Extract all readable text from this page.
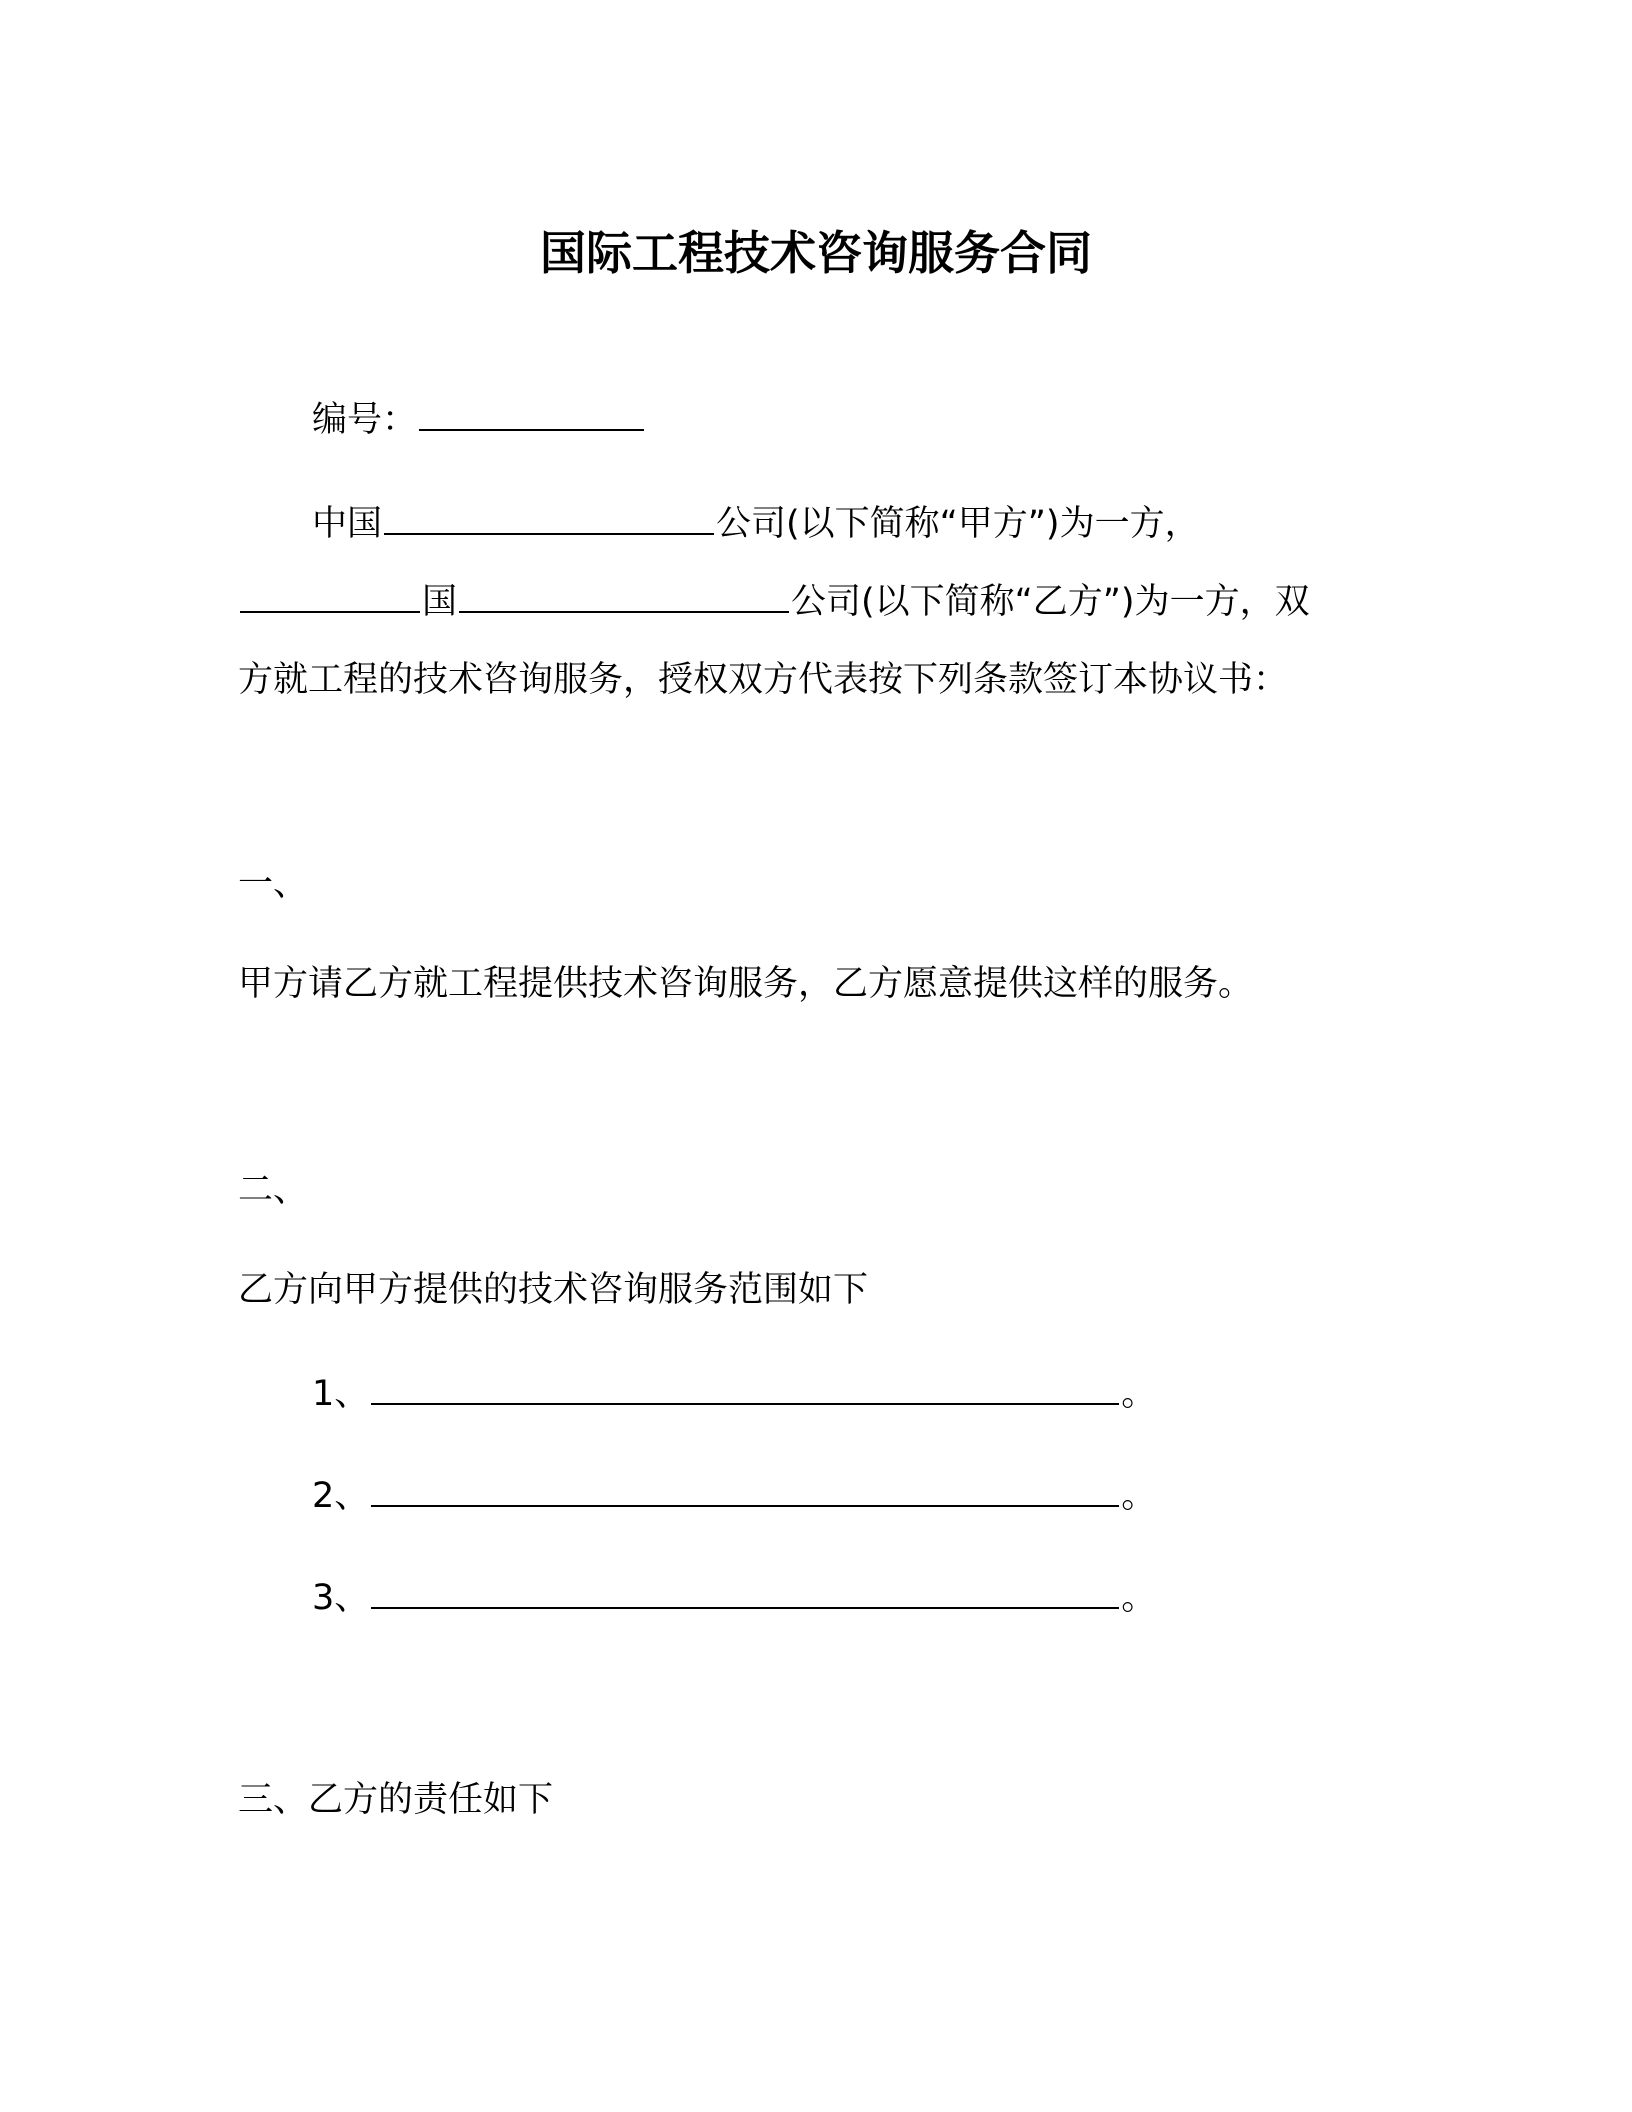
国际工程技术咨询服务合同
编号：
中国	公司(以下简称“甲方”)为一方，
国	公司(以下简称“乙方”)为一方，双
方就工程的技术咨询服务，授权双方代表按下列条款签订本协议书：
一、
甲方请乙方就工程提供技术咨询服务，乙方愿意提供这样的服务。
二、
乙方向甲方提供的技术咨询服务范围如下
1、	。
2、	。
3、	。
三、乙方的责任如下
